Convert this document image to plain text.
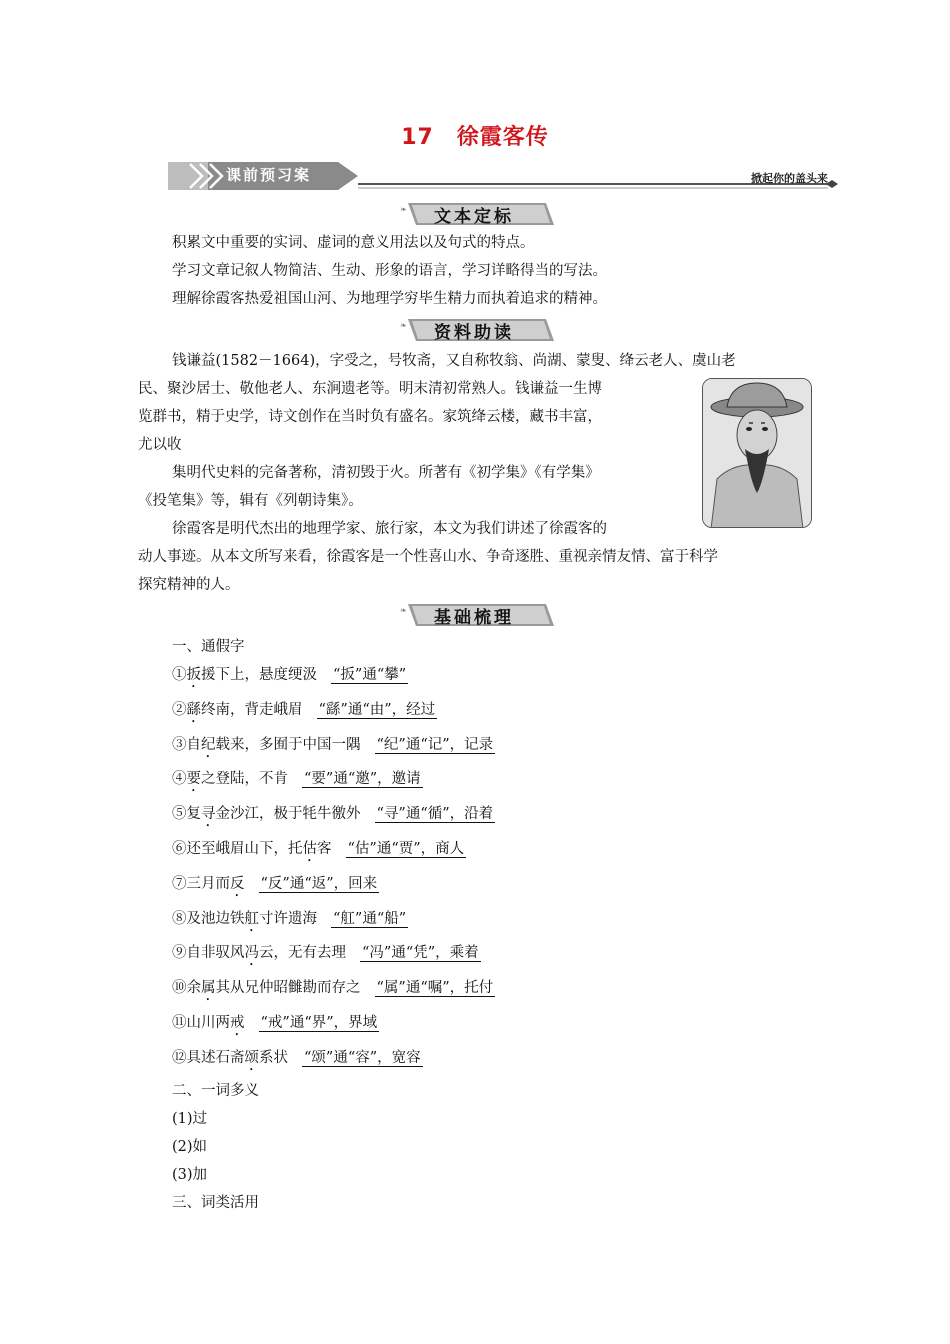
17　徐霞客传
课前预习案	掀起你的盖头来
❧ 文本定标
积累文中重要的实词、虚词的意义用法以及句式的特点。
学习文章记叙人物简洁、生动、形象的语言，学习详略得当的写法。
理解徐霞客热爱祖国山河、为地理学穷毕生精力而执着追求的精神。
❧ 资料助读
钱谦益(1582－1664)，字受之，号牧斋，又自称牧翁、尚湖、蒙叟、绛云老人、虞山老
民、聚沙居士、敬他老人、东涧遗老等。明末清初常熟人。钱谦益一生博
览群书，精于史学，诗文创作在当时负有盛名。家筑绛云楼，藏书丰富，
尤以收
集明代史料的完备著称，清初毁于火。所著有《初学集》《有学集》
《投笔集》等，辑有《列朝诗集》。
徐霞客是明代杰出的地理学家、旅行家，本文为我们讲述了徐霞客的
动人事迹。从本文所写来看，徐霞客是一个性喜山水、争奇逐胜、重视亲情友情、富于科学
探究精神的人。
❧ 基础梳理
一、通假字
①扳援下上，悬度绠汲 “扳”通“攀”
②繇终南，背走峨眉 “繇”通“由”，经过
③自纪载来，多囿于中国一隅 “纪”通“记”，记录
④要之登陆，不肯 “要”通“邀”，邀请
⑤复寻金沙江，极于牦牛徼外 “寻”通“循”，沿着
⑥还至峨眉山下，托估客 “估”通“贾”，商人
⑦三月而反 “反”通“返”，回来
⑧及池边铁舡寸许遗海 “舡”通“船”
⑨自非驭风冯云，无有去理 “冯”通“凭”，乘着
⑩余属其从兄仲昭雠勘而存之 “属”通“嘱”，托付
⑪山川两戒 “戒”通“界”，界域
⑫具述石斋颂系状 “颂”通“容”，宽容
二、一词多义
(1)过
(2)如
(3)加
三、词类活用
